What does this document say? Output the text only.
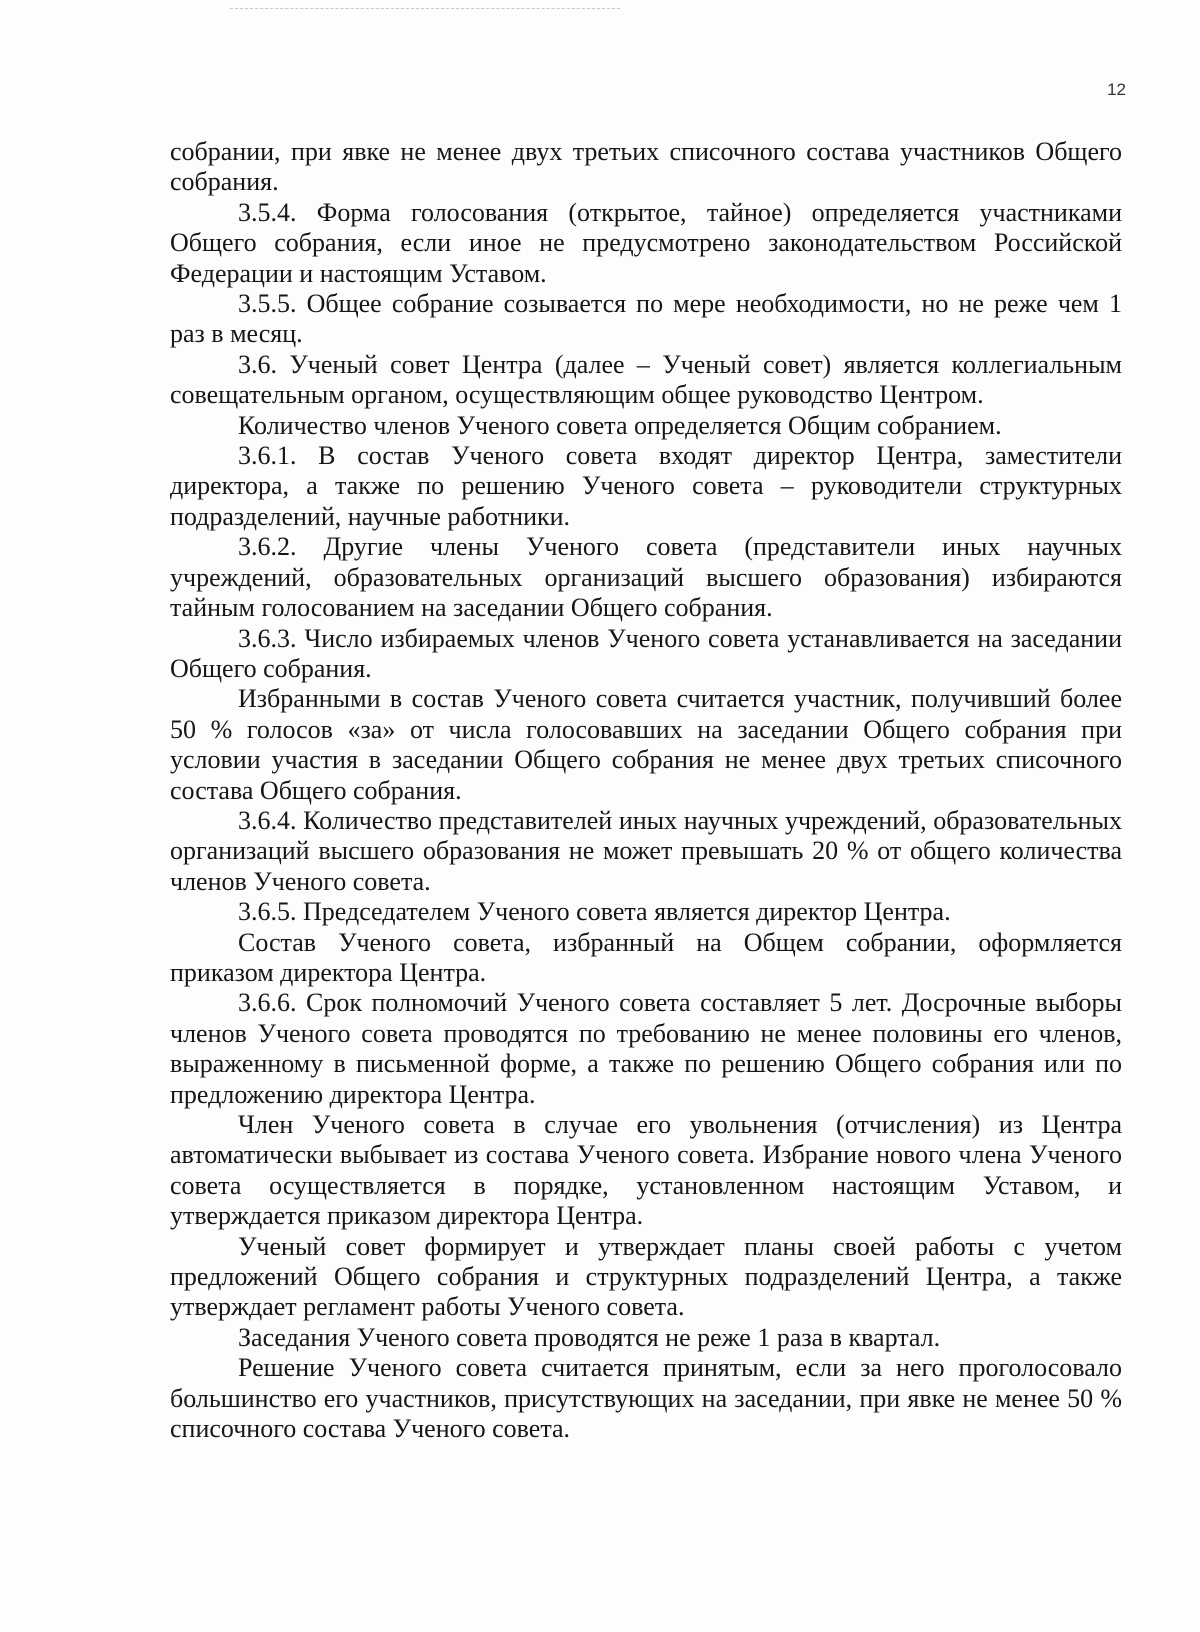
12

собрании, при явке не менее двух третьих списочного состава участников Общего собрания.

3.5.4. Форма голосования (открытое, тайное) определяется участниками Общего собрания, если иное не предусмотрено законодательством Российской Федерации и настоящим Уставом.

3.5.5. Общее собрание созывается по мере необходимости, но не реже чем 1 раз в месяц.

3.6. Ученый совет Центра (далее – Ученый совет) является коллегиальным совещательным органом, осуществляющим общее руководство Центром.

Количество членов Ученого совета определяется Общим собранием.

3.6.1. В состав Ученого совета входят директор Центра, заместители директора, а также по решению Ученого совета – руководители структурных подразделений, научные работники.

3.6.2. Другие члены Ученого совета (представители иных научных учреждений, образовательных организаций высшего образования) избираются тайным голосованием на заседании Общего собрания.

3.6.3. Число избираемых членов Ученого совета устанавливается на заседании Общего собрания.

Избранными в состав Ученого совета считается участник, получивший более 50 % голосов «за» от числа голосовавших на заседании Общего собрания при условии участия в заседании Общего собрания не менее двух третьих списочного состава Общего собрания.

3.6.4. Количество представителей иных научных учреждений, образовательных организаций высшего образования не может превышать 20 % от общего количества членов Ученого совета.

3.6.5. Председателем Ученого совета является директор Центра.

Состав Ученого совета, избранный на Общем собрании, оформляется приказом директора Центра.

3.6.6. Срок полномочий Ученого совета составляет 5 лет. Досрочные выборы членов Ученого совета проводятся по требованию не менее половины его членов, выраженному в письменной форме, а также по решению Общего собрания или по предложению директора Центра.

Член Ученого совета в случае его увольнения (отчисления) из Центра автоматически выбывает из состава Ученого совета. Избрание нового члена Ученого совета осуществляется в порядке, установленном настоящим Уставом, и утверждается приказом директора Центра.

Ученый совет формирует и утверждает планы своей работы с учетом предложений Общего собрания и структурных подразделений Центра, а также утверждает регламент работы Ученого совета.

Заседания Ученого совета проводятся не реже 1 раза в квартал.

Решение Ученого совета считается принятым, если за него проголосовало большинство его участников, присутствующих на заседании, при явке не менее 50 % списочного состава Ученого совета.
